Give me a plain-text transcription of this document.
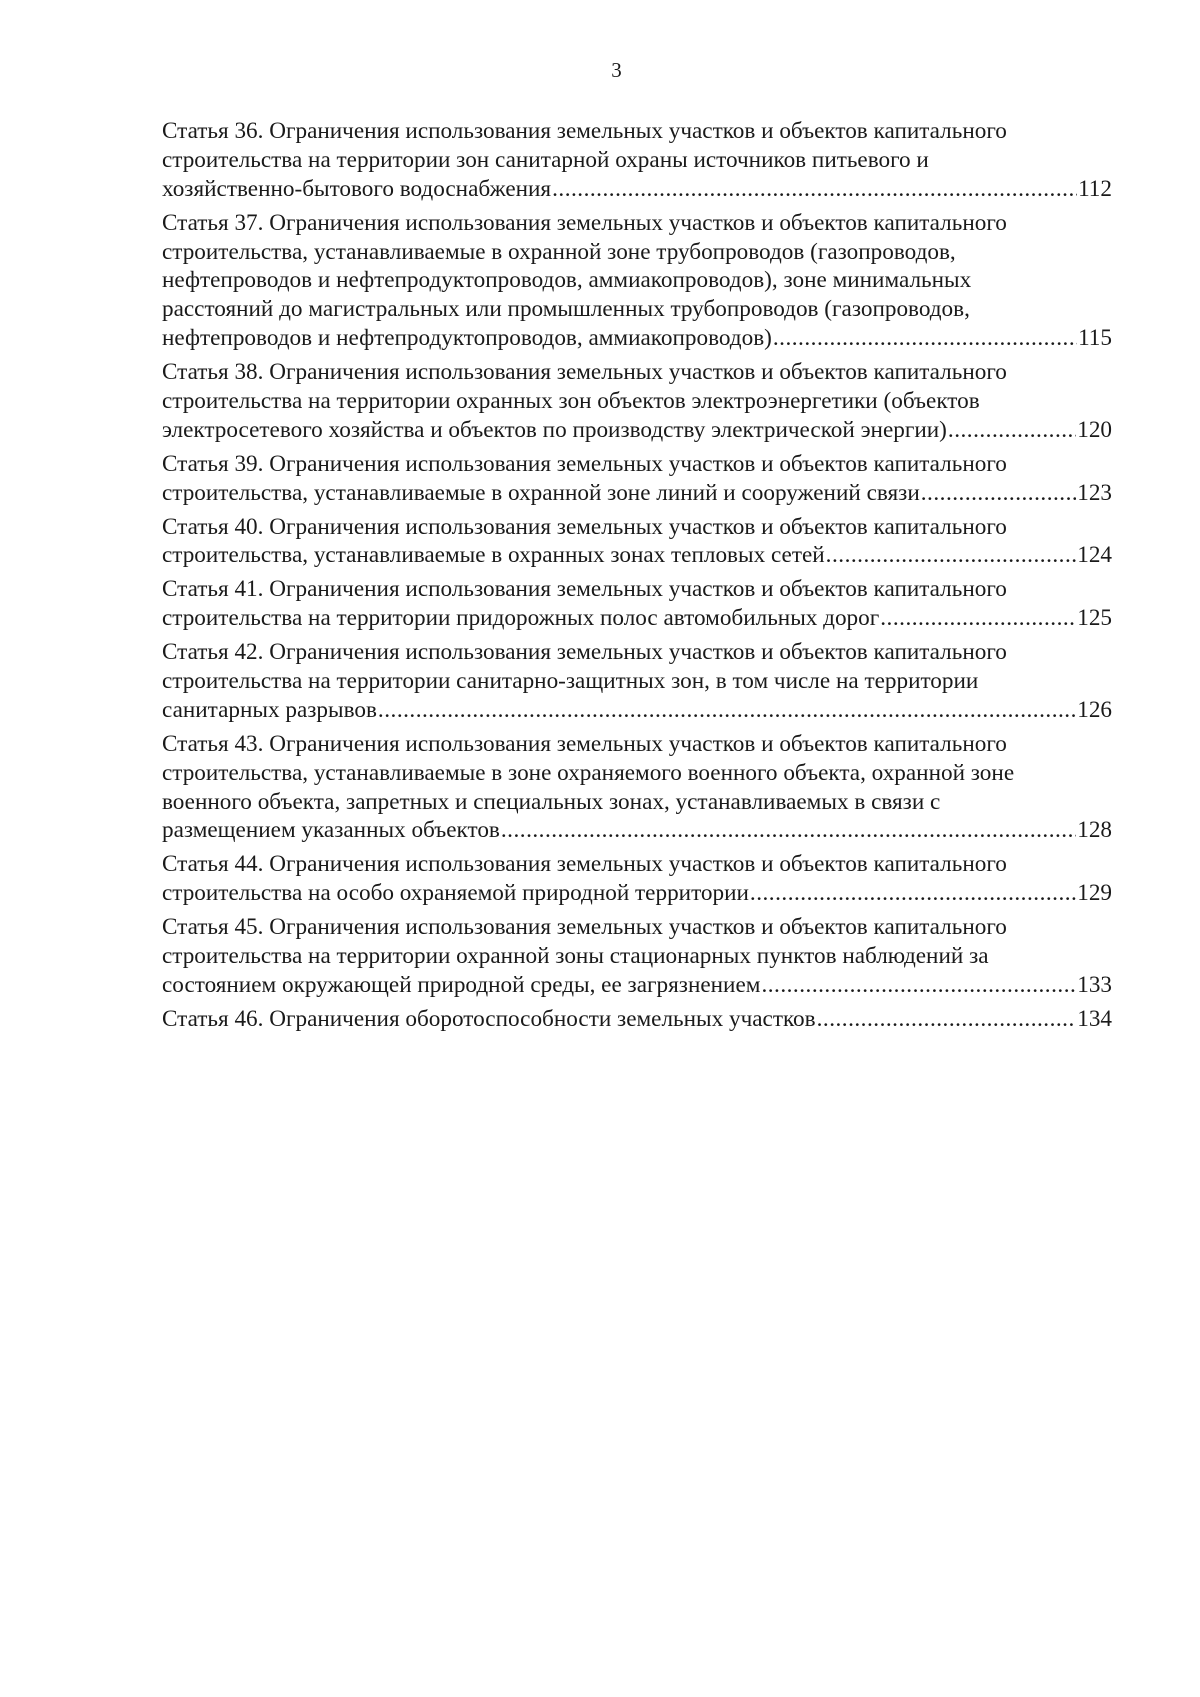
3
Статья 36. Ограничения использования земельных участков и объектов капитального
строительства на территории зон санитарной охраны источников питьевого и
хозяйственно-бытового водоснабжения .....	112
Статья 37. Ограничения использования земельных участков и объектов капитального
строительства, устанавливаемые в охранной зоне трубопроводов (газопроводов,
нефтепроводов и нефтепродуктопроводов, аммиакопроводов), зоне минимальных
расстояний до магистральных или промышленных трубопроводов (газопроводов,
нефтепроводов и нефтепродуктопроводов, аммиакопроводов) .....	115
Статья 38. Ограничения использования земельных участков и объектов капитального
строительства на территории охранных зон объектов электроэнергетики (объектов
электросетевого хозяйства и объектов по производству электрической энергии) .....	120
Статья 39. Ограничения использования земельных участков и объектов капитального
строительства, устанавливаемые в охранной зоне линий и сооружений связи .....	123
Статья 40. Ограничения использования земельных участков и объектов капитального
строительства, устанавливаемые в охранных зонах тепловых сетей .....	124
Статья 41. Ограничения использования земельных участков и объектов капитального
строительства на территории придорожных полос автомобильных дорог .....	125
Статья 42. Ограничения использования земельных участков и объектов капитального
строительства на территории санитарно-защитных зон, в том числе на территории
санитарных разрывов .....	126
Статья 43. Ограничения использования земельных участков и объектов капитального
строительства, устанавливаемые в зоне охраняемого военного объекта, охранной зоне
военного объекта, запретных и специальных зонах, устанавливаемых в связи с
размещением указанных объектов .....	128
Статья 44. Ограничения использования земельных участков и объектов капитального
строительства на особо охраняемой природной территории .....	129
Статья 45. Ограничения использования земельных участков и объектов капитального
строительства на территории охранной зоны стационарных пунктов наблюдений за
состоянием окружающей природной среды, ее загрязнением .....	133
Статья 46. Ограничения оборотоспособности земельных участков .....	134
